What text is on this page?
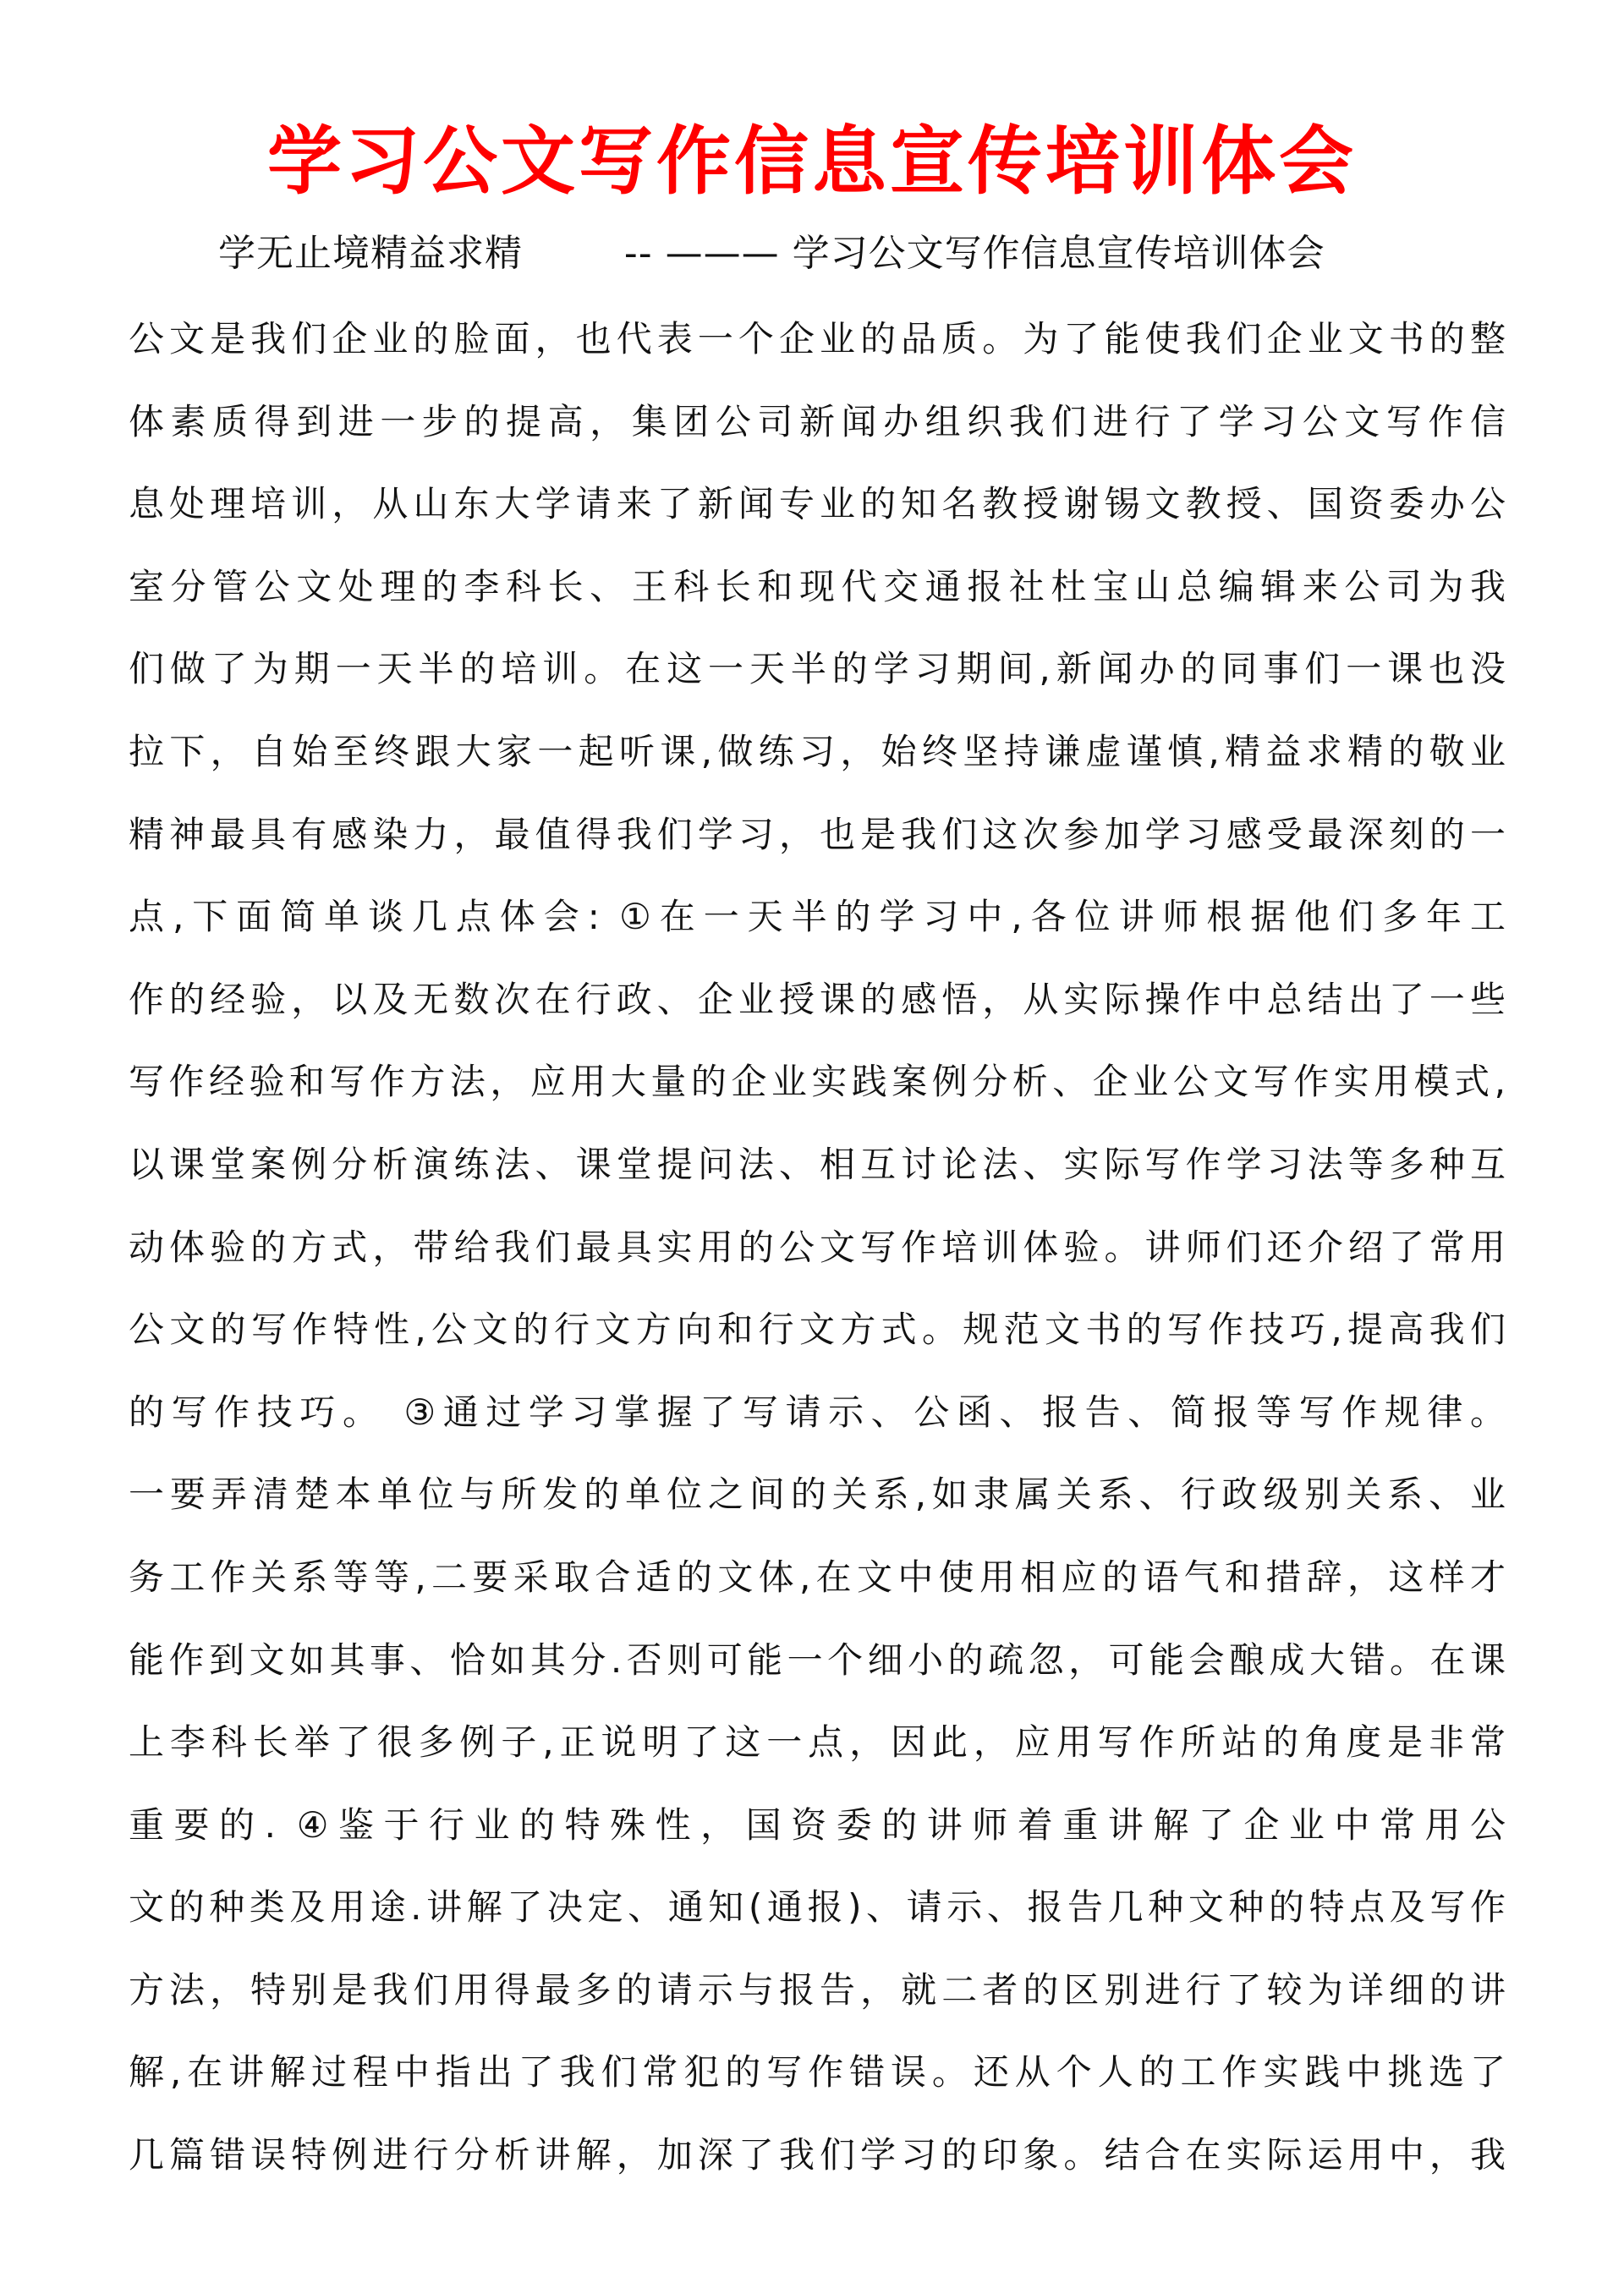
学习公文写作信息宣传培训体会
学无止境精益求精        -- ——— 学习公文写作信息宣传培训体会
公文是我们企业的脸面，也代表一个企业的品质。为了能使我们企业文书的整
体素质得到进一步的提高，集团公司新闻办组织我们进行了学习公文写作信
息处理培训，从山东大学请来了新闻专业的知名教授谢锡文教授、国资委办公
室分管公文处理的李科长、王科长和现代交通报社杜宝山总编辑来公司为我
们做了为期一天半的培训。在这一天半的学习期间,新闻办的同事们一课也没
拉下，自始至终跟大家一起听课,做练习，始终坚持谦虚谨慎,精益求精的敬业
精神最具有感染力，最值得我们学习，也是我们这次参加学习感受最深刻的一
点,下面简单谈几点体会: ①在一天半的学习中,各位讲师根据他们多年工
作的经验，以及无数次在行政、企业授课的感悟，从实际操作中总结出了一些
写作经验和写作方法，应用大量的企业实践案例分析、企业公文写作实用模式,
以课堂案例分析演练法、课堂提问法、相互讨论法、实际写作学习法等多种互
动体验的方式，带给我们最具实用的公文写作培训体验。讲师们还介绍了常用
公文的写作特性,公文的行文方向和行文方式。规范文书的写作技巧,提高我们
的写作技巧。 ③通过学习掌握了写请示、公函、报告、简报等写作规律。
一要弄清楚本单位与所发的单位之间的关系,如隶属关系、行政级别关系、业
务工作关系等等,二要采取合适的文体,在文中使用相应的语气和措辞，这样才
能作到文如其事、恰如其分.否则可能一个细小的疏忽，可能会酿成大错。在课
上李科长举了很多例子,正说明了这一点，因此，应用写作所站的角度是非常
重要的. ④鉴于行业的特殊性，国资委的讲师着重讲解了企业中常用公
文的种类及用途.讲解了决定、通知(通报)、请示、报告几种文种的特点及写作
方法，特别是我们用得最多的请示与报告，就二者的区别进行了较为详细的讲
解,在讲解过程中指出了我们常犯的写作错误。还从个人的工作实践中挑选了
几篇错误特例进行分析讲解，加深了我们学习的印象。结合在实际运用中，我
